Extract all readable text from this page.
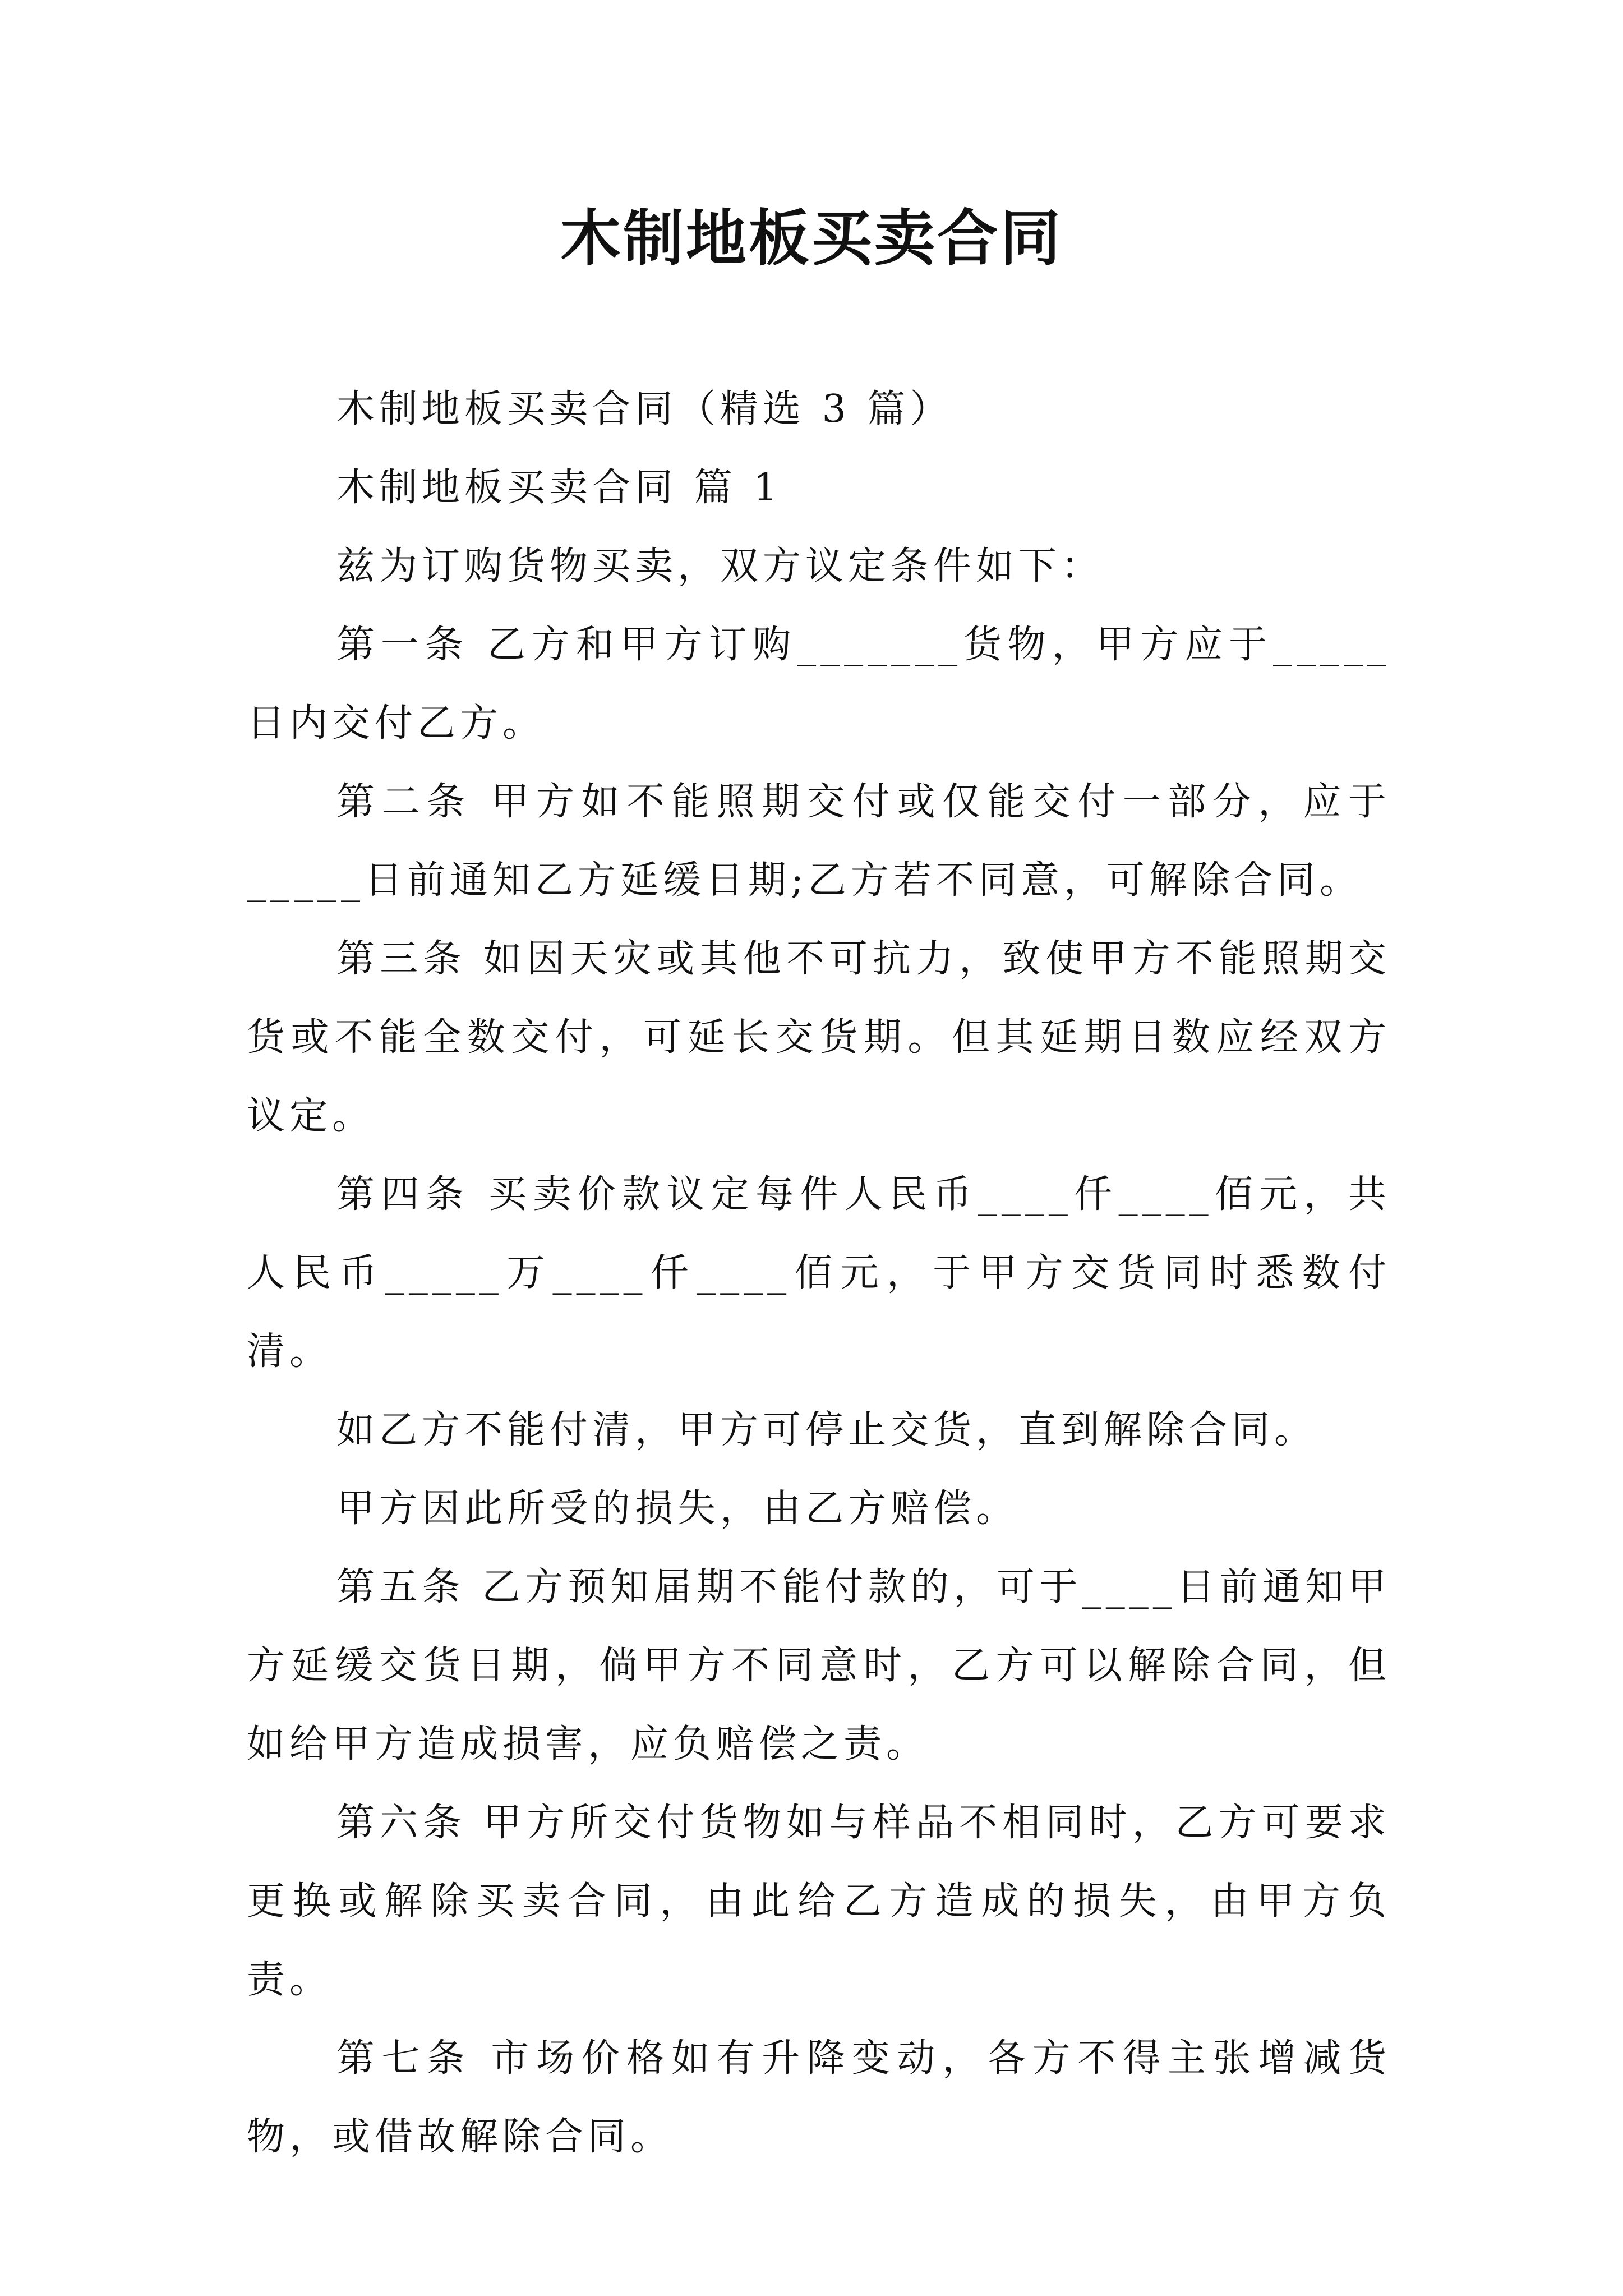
木制地板买卖合同

木制地板买卖合同（精选 3 篇）

木制地板买卖合同 篇 1

兹为订购货物买卖，双方议定条件如下：

第一条 乙方和甲方订购_______货物，甲方应于_____日内交付乙方。

第二条 甲方如不能照期交付或仅能交付一部分，应于_____日前通知乙方延缓日期;乙方若不同意，可解除合同。

第三条 如因天灾或其他不可抗力，致使甲方不能照期交货或不能全数交付，可延长交货期。但其延期日数应经双方议定。

第四条 买卖价款议定每件人民币____仟____佰元，共人民币_____万____仟____佰元，于甲方交货同时悉数付清。

如乙方不能付清，甲方可停止交货，直到解除合同。

甲方因此所受的损失，由乙方赔偿。

第五条 乙方预知届期不能付款的，可于____日前通知甲方延缓交货日期，倘甲方不同意时，乙方可以解除合同，但如给甲方造成损害，应负赔偿之责。

第六条 甲方所交付货物如与样品不相同时，乙方可要求更换或解除买卖合同，由此给乙方造成的损失，由甲方负责。

第七条 市场价格如有升降变动，各方不得主张增减货物，或借故解除合同。
